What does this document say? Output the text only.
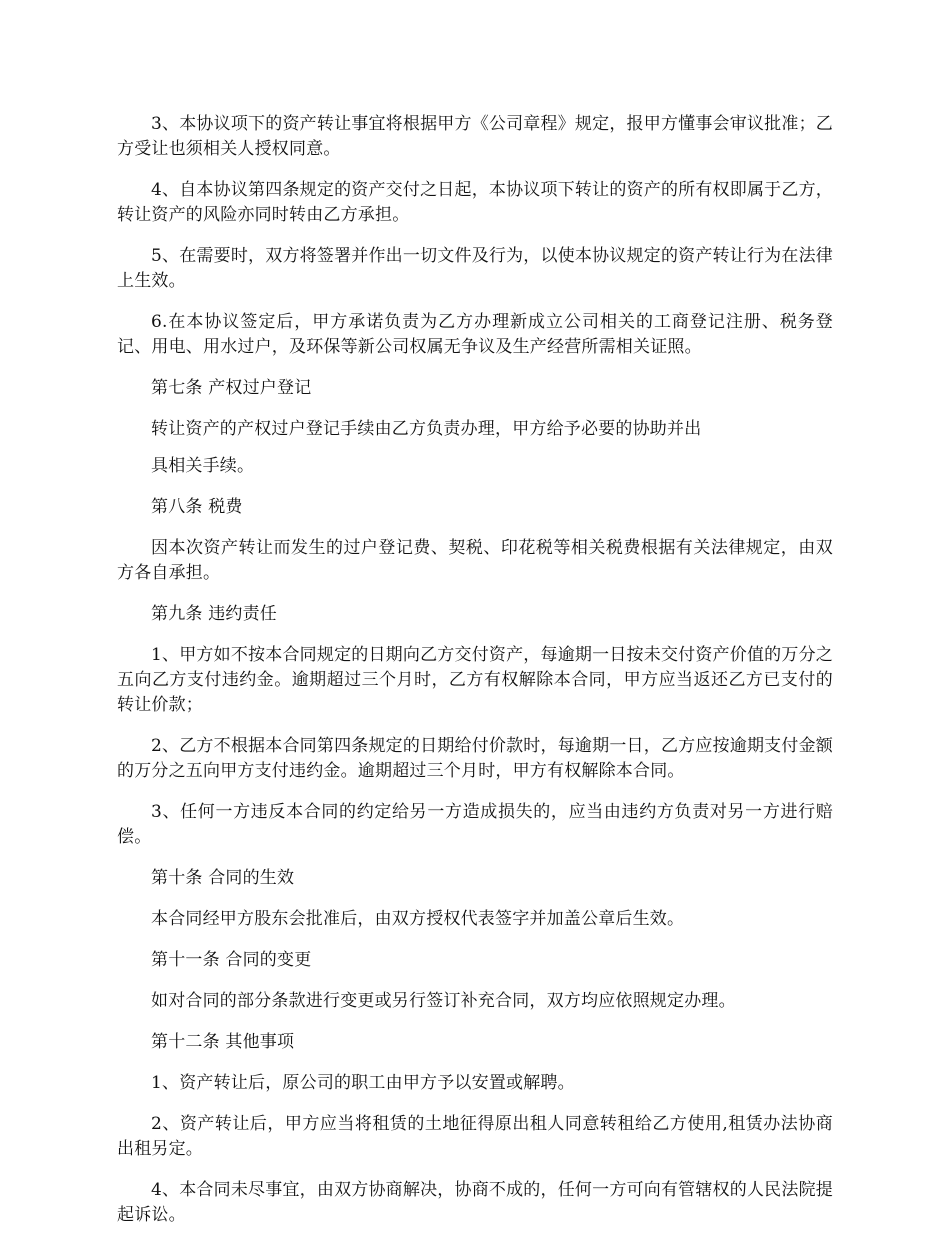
3、本协议项下的资产转让事宜将根据甲方《公司章程》规定，报甲方懂事会审议批准；乙方受让也须相关人授权同意。

4、自本协议第四条规定的资产交付之日起，本协议项下转让的资产的所有权即属于乙方，转让资产的风险亦同时转由乙方承担。

5、在需要时，双方将签署并作出一切文件及行为，以使本协议规定的资产转让行为在法律上生效。

6.在本协议签定后，甲方承诺负责为乙方办理新成立公司相关的工商登记注册、税务登记、用电、用水过户，及环保等新公司权属无争议及生产经营所需相关证照。

第七条 产权过户登记

转让资产的产权过户登记手续由乙方负责办理，甲方给予必要的协助并出

具相关手续。

第八条 税费

因本次资产转让而发生的过户登记费、契税、印花税等相关税费根据有关法律规定，由双方各自承担。

第九条 违约责任

1、甲方如不按本合同规定的日期向乙方交付资产，每逾期一日按未交付资产价值的万分之五向乙方支付违约金。逾期超过三个月时，乙方有权解除本合同，甲方应当返还乙方已支付的转让价款；

2、乙方不根据本合同第四条规定的日期给付价款时，每逾期一日，乙方应按逾期支付金额的万分之五向甲方支付违约金。逾期超过三个月时，甲方有权解除本合同。

3、任何一方违反本合同的约定给另一方造成损失的，应当由违约方负责对另一方进行赔偿。

第十条 合同的生效

本合同经甲方股东会批准后，由双方授权代表签字并加盖公章后生效。

第十一条 合同的变更

如对合同的部分条款进行变更或另行签订补充合同，双方均应依照规定办理。

第十二条 其他事项

1、资产转让后，原公司的职工由甲方予以安置或解聘。

2、资产转让后，甲方应当将租赁的土地征得原出租人同意转租给乙方使用,租赁办法协商出租另定。

4、本合同未尽事宜，由双方协商解决，协商不成的，任何一方可向有管辖权的人民法院提起诉讼。
